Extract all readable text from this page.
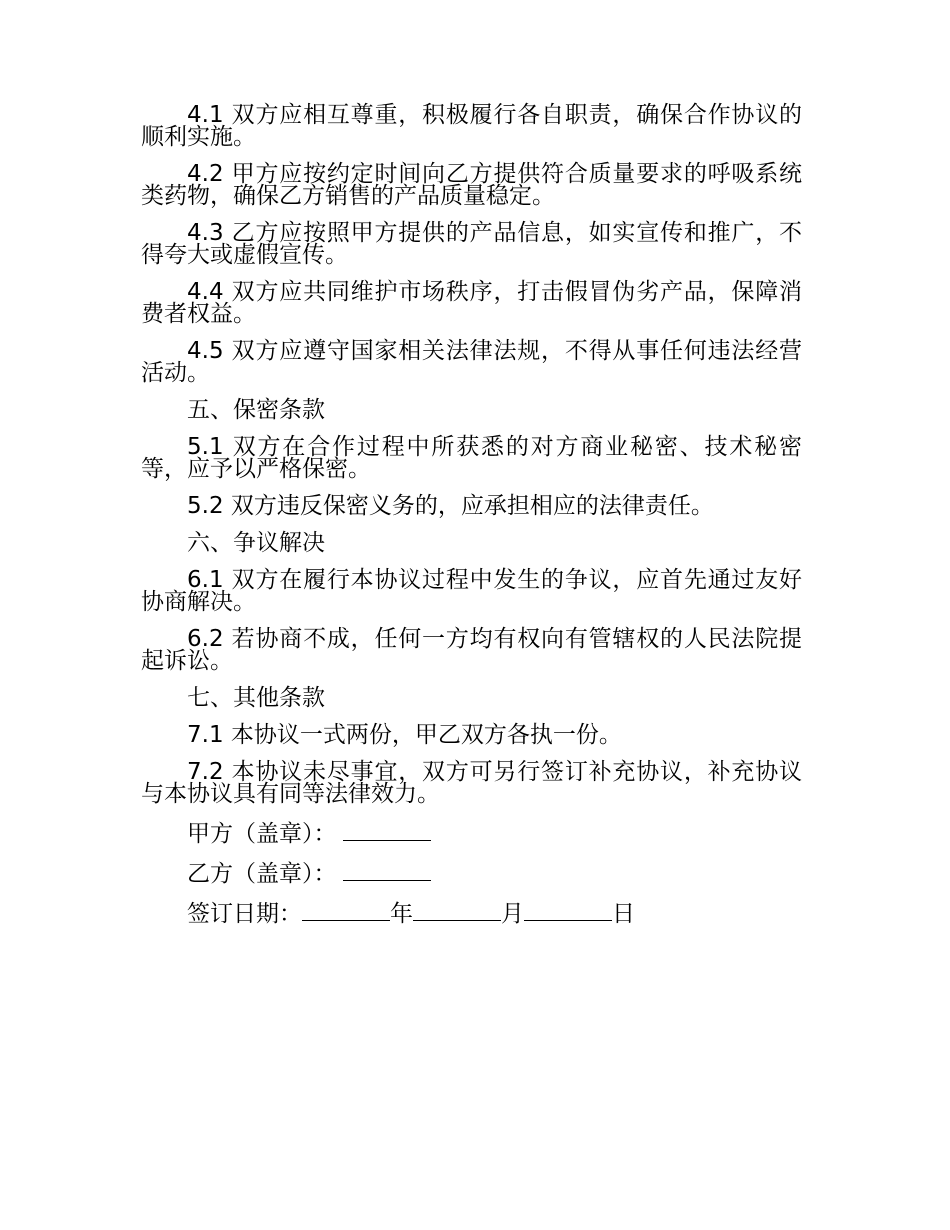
4.1 双方应相互尊重，积极履行各自职责，确保合作协议的顺利实施。

4.2 甲方应按约定时间向乙方提供符合质量要求的呼吸系统类药物，确保乙方销售的产品质量稳定。

4.3 乙方应按照甲方提供的产品信息，如实宣传和推广，不得夸大或虚假宣传。

4.4 双方应共同维护市场秩序，打击假冒伪劣产品，保障消费者权益。

4.5 双方应遵守国家相关法律法规，不得从事任何违法经营活动。

五、保密条款

5.1 双方在合作过程中所获悉的对方商业秘密、技术秘密等，应予以严格保密。

5.2 双方违反保密义务的，应承担相应的法律责任。

六、争议解决

6.1 双方在履行本协议过程中发生的争议，应首先通过友好协商解决。

6.2 若协商不成，任何一方均有权向有管辖权的人民法院提起诉讼。

七、其他条款

7.1 本协议一式两份，甲乙双方各执一份。

7.2 本协议未尽事宜，双方可另行签订补充协议，补充协议与本协议具有同等法律效力。

甲方（盖章）：

乙方（盖章）：

签订日期：	年	月	日
